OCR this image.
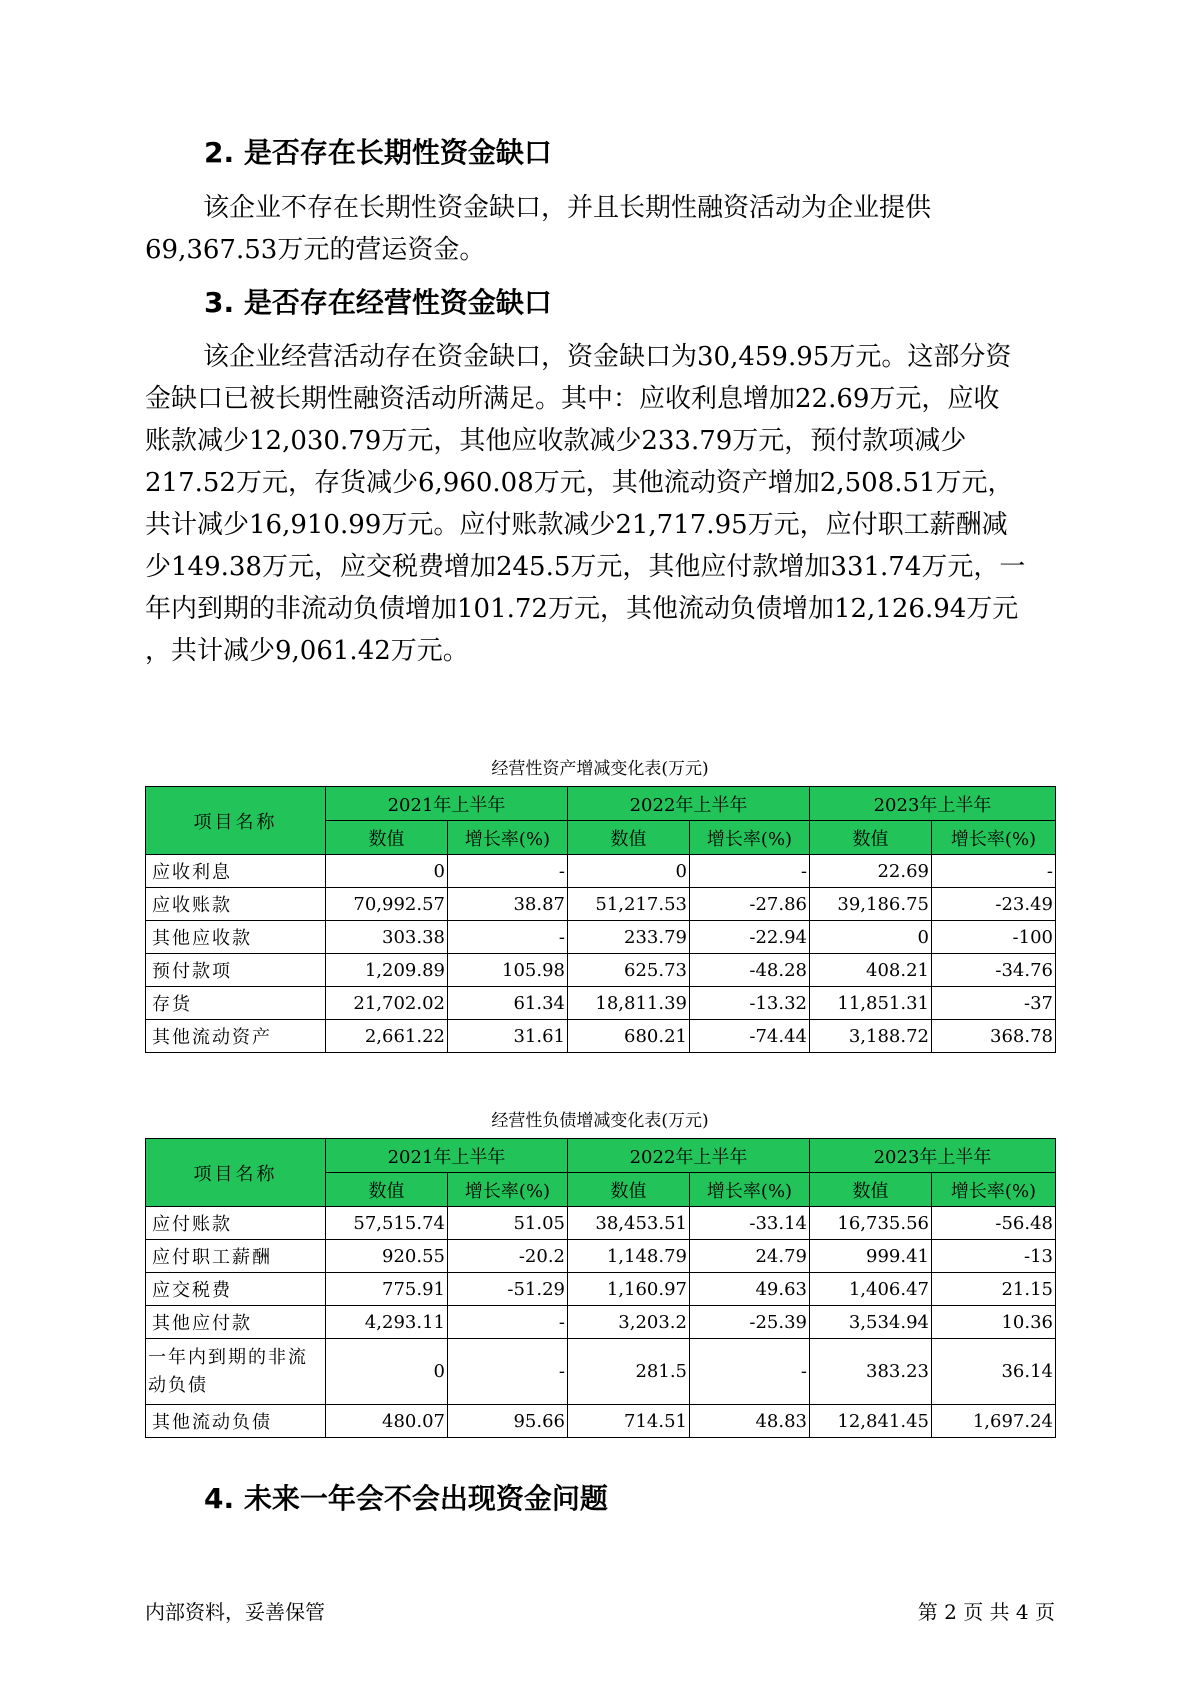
2. 是否存在长期性资金缺口

该企业不存在长期性资金缺口，并且长期性融资活动为企业提供

69,367.53万元的营运资金。

3. 是否存在经营性资金缺口

该企业经营活动存在资金缺口，资金缺口为30,459.95万元。这部分资

金缺口已被长期性融资活动所满足。其中：应收利息增加22.69万元，应收

账款减少12,030.79万元，其他应收款减少233.79万元，预付款项减少

217.52万元，存货减少6,960.08万元，其他流动资产增加2,508.51万元，

共计减少16,910.99万元。应付账款减少21,717.95万元，应付职工薪酬减

少149.38万元，应交税费增加245.5万元，其他应付款增加331.74万元，一

年内到期的非流动负债增加101.72万元，其他流动负债增加12,126.94万元

，共计减少9,061.42万元。

经营性资产增减变化表(万元)
项目名称	2021年上半年		2022年上半年		2023年上半年	
	数值	增长率(%)	数值	增长率(%)	数值	增长率(%)
应收利息	0	-	0	-	22.69	-
应收账款	70,992.57	38.87	51,217.53	-27.86	39,186.75	-23.49
其他应收款	303.38	-	233.79	-22.94	0	-100
预付款项	1,209.89	105.98	625.73	-48.28	408.21	-34.76
存货	21,702.02	61.34	18,811.39	-13.32	11,851.31	-37
其他流动资产	2,661.22	31.61	680.21	-74.44	3,188.72	368.78
经营性负债增减变化表(万元)
项目名称	2021年上半年		2022年上半年		2023年上半年	
	数值	增长率(%)	数值	增长率(%)	数值	增长率(%)
应付账款	57,515.74	51.05	38,453.51	-33.14	16,735.56	-56.48
应付职工薪酬	920.55	-20.2	1,148.79	24.79	999.41	-13
应交税费	775.91	-51.29	1,160.97	49.63	1,406.47	21.15
其他应付款	4,293.11	-	3,203.2	-25.39	3,534.94	10.36
一年内到期的非流动负债	0	-	281.5	-	383.23	36.14
其他流动负债	480.07	95.66	714.51	48.83	12,841.45	1,697.24
4. 未来一年会不会出现资金问题
内部资料，妥善保管	第 2 页 共 4 页
